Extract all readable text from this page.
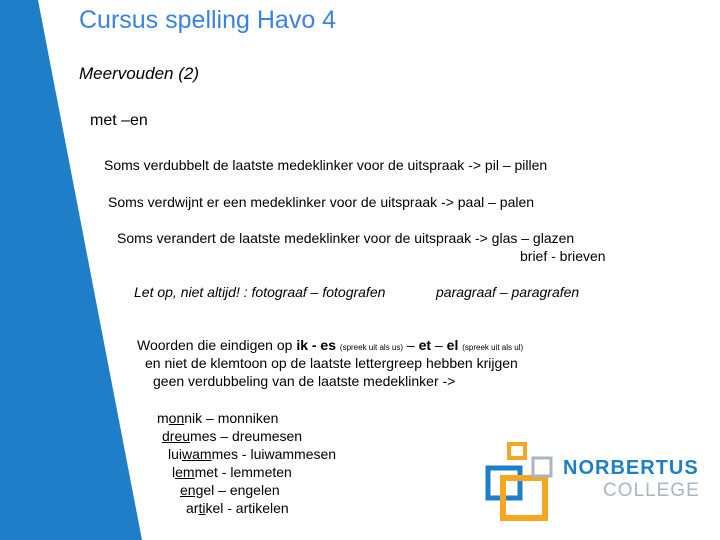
Cursus spelling Havo 4
Meervouden (2)
met –en
Soms verdubbelt de laatste medeklinker voor de uitspraak -> pil – pillen
Soms verdwijnt er een medeklinker voor de uitspraak -> paal – palen
Soms verandert de laatste medeklinker voor de uitspraak -> glas – glazen
brief - brieven
Let op, niet altijd! : fotograaf – fotografen	paragraaf – paragrafen
Woorden die eindigen op ik - es (spreek uit als us) – et – el (spreek uit als ul)
en niet de klemtoon op de laatste lettergreep hebben krijgen
geen verdubbeling van de laatste medeklinker ->
monnik – monniken
dreumes – dreumesen
luiwammes - luiwammesen
lemmet - lemmeten
engel – engelen
artikel - artikelen
NORBERTUS
COLLEGE
